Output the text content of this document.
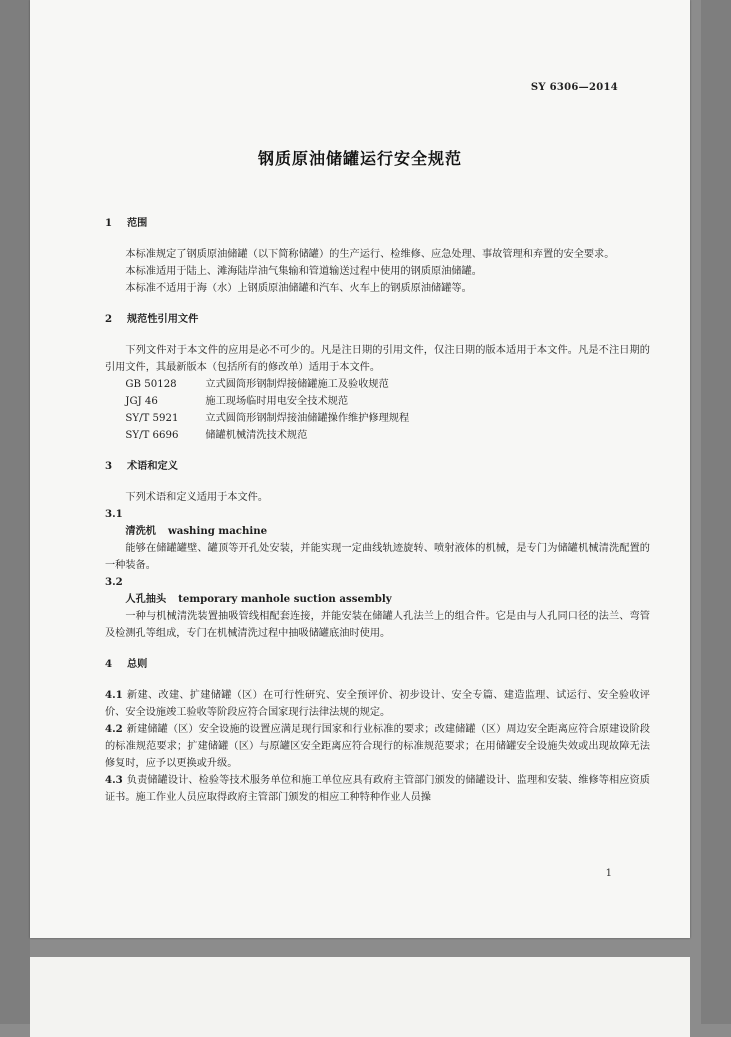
SY 6306—2014
钢质原油储罐运行安全规范

1 范围

本标准规定了钢质原油储罐（以下简称储罐）的生产运行、检维修、应急处理、事故管理和弃置的安全要求。

本标准适用于陆上、滩海陆岸油气集输和管道输送过程中使用的钢质原油储罐。

本标准不适用于海（水）上钢质原油储罐和汽车、火车上的钢质原油储罐等。

2 规范性引用文件

下列文件对于本文件的应用是必不可少的。凡是注日期的引用文件，仅注日期的版本适用于本文件。凡是不注日期的引用文件，其最新版本（包括所有的修改单）适用于本文件。

GB 50128	立式圆筒形钢制焊接储罐施工及验收规范

JGJ 46	施工现场临时用电安全技术规范

SY/T 5921	立式圆筒形钢制焊接油储罐操作维护修理规程

SY/T 6696	储罐机械清洗技术规范

3 术语和定义

下列术语和定义适用于本文件。

3.1

清洗机 washing machine

能够在储罐罐壁、罐顶等开孔处安装，并能实现一定曲线轨迹旋转、喷射液体的机械，是专门为储罐机械清洗配置的一种装备。

3.2

人孔抽头 temporary manhole suction assembly

一种与机械清洗装置抽吸管线相配套连接，并能安装在储罐人孔法兰上的组合件。它是由与人孔同口径的法兰、弯管及检测孔等组成，专门在机械清洗过程中抽吸储罐底油时使用。

4 总则

4.1 新建、改建、扩建储罐（区）在可行性研究、安全预评价、初步设计、安全专篇、建造监理、试运行、安全验收评价、安全设施竣工验收等阶段应符合国家现行法律法规的规定。

4.2 新建储罐（区）安全设施的设置应满足现行国家和行业标准的要求；改建储罐（区）周边安全距离应符合原建设阶段的标准规范要求；扩建储罐（区）与原罐区安全距离应符合现行的标准规范要求；在用储罐安全设施失效或出现故障无法修复时，应予以更换或升级。

4.3 负责储罐设计、检验等技术服务单位和施工单位应具有政府主管部门颁发的储罐设计、监理和安装、维修等相应资质证书。施工作业人员应取得政府主管部门颁发的相应工种特种作业人员操

1
